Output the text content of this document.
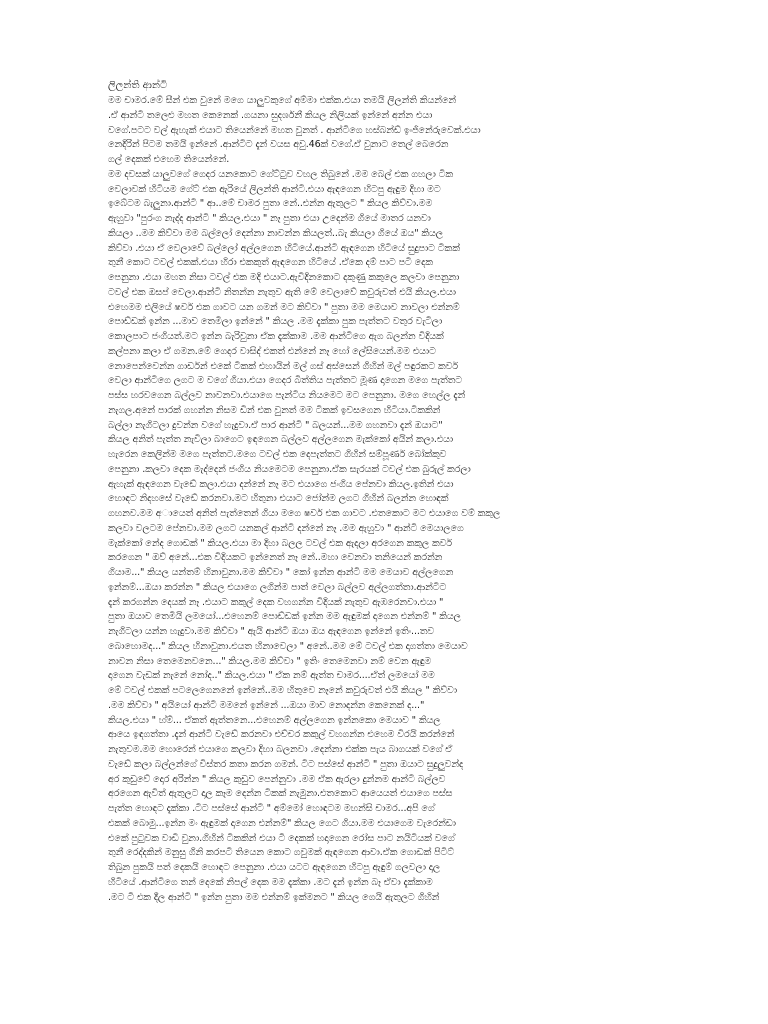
ලිලන්ති ආන්ටි
මම චාමර.මේ සීන් එක වුනේ මගෙ යාලුවකුගේ අම්මා එක්ක.එයා තමයි ලිලන්ති කියන්නේ
.ඒ ආන්ටි තලෙළු මහත කෙනෙක් .ගයනා සුදර්ශනී කියල නිලියක් ඉන්නේ අන්න එයා
වගේ.පටට වල් ඇහැක් එයාට තියෙන්නේ මහත වුනත් . ආන්ටිගෙ හස්බන්ඩ් ඉංජිනේරුවෙක්.එයා
නෙදිරින් පිටම තමයි ඉන්නේ .ආන්ටිට දැන් වයස අවු.46ක් වගේ.ඒ වුනාට තෙල් බෙරෙන
ගල් දෙකක් එහෙම තියෙන්නේ.
මම දවසක් යාලුවගේ ගෙදර යනකොට ගේට්ටුව වහල තිබුනේ .මම බෙල් එක ගහලා ටික
වෙලාවක් හිටියම ගේට් එක ඇරියේ ලිලන්ති ආන්ටි.එයා ඇඳගෙන හිටපු ඇඳුම දිහා මට
ඉබේටම බැලුනා.ආන්ටි " ආ..මේ චාමර පුතා නේ..එන්න ඇතුලට " කියල කිව්වා.මම
ඇහුවා "පුරංග නැද්ද ආන්ටි " කියල.එයා " නෑ පුතා එයා උදෙන්ම ගියේ මාතර යනවා
කියලා ..මම කිව්වා මම බල්ලෝ දෙන්නා නාවන්න කියලත්..බැ කියලා ගියේ ඔය" කියල
කිව්වා .එයා ඒ වෙලාවේ බල්ලෝ අල්ලගෙන හිටියේ.ආන්ටි ඇඳගෙන හිටියේ සුදුපාට ටීකක්
තුනී කොට ටවල් එකක්.එයා හිරා එකකුත් ඇඳගෙන හිටියේ .ඒකෙ දම් පාට පටි දෙක
පෙනුනා .එයා මහත නිසා ටවල් එක මදි එයාට.ඇවිදිනකොට දකුණු කකුලෙ කලවා පෙනුනා
ටවල් එක ඔසප් වෙලා.ආන්ටි නිතන්න නැතුව ඇති මේ වෙලාවේ කවුරුවත් එයි කියල.එයා
එහෙමම එලියේ ෂවර් එක ගාවට යන ගමන් මට කිව්වා " පුතා මම මෙයාව නාවලා එන්නම්
පොඩ්ඩක් ඉන්න ...මාව තෙමිලා ඉන්නේ " කියල .මම දැක්කා පුක පැත්තට වතුර වැටිලා
කොලපාට ජංගියත්.මට ඉන්න බැරිවුනා ඒක දැක්කාම .මම ආන්ටිගෙ ඇග බලන්න විදියක්
කල්පනා කලා ඒ ගමන.මේ ගෙදර වාසිද් එකත් එන්නේ නෑ හෝ ලේසියෙන්.මම එයාට
නොපෙන්වෙන්න ගාර්ඩන් එකේ ටිකක් එහායින් මල් ගස් අස්සෙන් ගිහින් මල් පඳුරකට කවර්
වෙලා ආන්ටිගෙ ලගට ම වගේ ගියා.එයා ගෙදර බිත්තිය පැත්තට මූණ දාගෙන මගෙ පැත්තට
පස්ස හරවගෙන බල්ලව නාවනවා.එයාගෙ පැන්ටිය නියමෙට මට පෙනුනා. මගෙ හෙල්ල දැන්
නැගල.අනේ පාරක් ගහන්න නිසම ඩින් එක වුනත් මම ටිකක් ඉවසගෙන හිටියා.ටිකකින්
බල්ලා නැගිටලා දුවන්න වගේ හැදුවා.ඒ පාර ආන්ටි " බලයන්...මම ගහනවා දැන් ඔයාට"
කියල අනිත් පැත්ත නැවිලා බාගෙට ඉඳගෙන බල්ලව අල්ලගෙන මැක්කෝ අයින් කලා.එයා
හැරෙන කෙලින්ම මගෙ පැත්තට.මගෙ ටවල් එක දෙපැත්තට ගිහින් සම්පූර්ණ බෝක්කුව
පෙනුනා .කලවා දෙක මැද්දෙන් ජංගිය නියමෙටම පෙනුනා.ඒක සැරයක් ටවල් එක බුරුල් කරලා
ඇහැක් ඇඳගෙන වැඩේ කලා.එයා දන්නේ නෑ මට එයාගෙ ජංගිය පේනවා කියල.ඉතින් එයා
හොඳට නිදහසේ වැඩේ කරනවා.මට හිතුනා එයාට ජෝන්ම ලගට ගිහින් බලන්න හොඳක්
ගහනව.මම අායෙත් අනිත් පැත්තෙන් ගියා මගෙ ෂවර් එක ගාවට .එතකොට මට එයාගෙ වම් කකුල
කලවා වලටම පේනවා.මම ලගට යනකල් ආන්ටි දන්නේ නෑ .මම ඇහුවා " ආන්ටි මෙයාලගෙ
මැක්කෝ නේද ගොඩක් " කියල.එයා මා දිහා බලල ටවල් එක ඇදලා අරගෙන කකුල කවර්
කරගෙන " ඔව් අනේ...එක විදියකට ඉන්නෙත් නෑ නේ..මහා වෙනවා තනියෙන් කරන්න
ගියාම..." කියල යන්තම් හිනාවුනා.මම කිව්වා " කෝ ඉන්න ආන්ටි මම මෙයාව අල්ලගෙන
ඉන්නම්...ඔයා කරන්න " කියල එයාගෙ ලගින්ම පාත් වෙලා බල්ලව අල්ලගත්තා.ආන්ටිට
දැන් කරගන්න දෙයක් නෑ .එයාට කකුල් දෙක වහගන්න විදියක් නැතුව ඇඹරෙනවා.එයා "
පුතා ඔයාව තෙමියි ලමයෝ...එහෙනම් පොඩ්ඩක් ඉන්න මම ඇඳුමක් දාගෙන එන්නම් " කියල
නැගිටලා යන්න හැදුවා.මම කිව්වා " ඇයි ආන්ටි ඔයා ඔය ඇඳගෙන ඉන්නේ ඉතිං...තව
බොහොමද..." කියල හිනාවුනා.එයත හිනාවෙලා " අනේ..මම මේ ටවල් එක දාගත්තා මෙයාව
නාවන නිසා තෙමෙනවනෙ..." කියල.මම කිව්වා " ඉතිං තෙමෙනවා නම් වෙන ඇඳුම
දාගෙන වැඩක් නැනේ නෝද.." කියල.එයා " ඒක නම් ඇත්ත චාමර....ඒත් ලමයෝ මම
මේ ටවල් එකක් පටලෙගෙනනේ ඉන්නේ..මම හිතුවෙ නෑනේ කවුරුවත් එයි කියල " කිව්වා
.මම කිව්වා " අයියෝ ආන්ටි මමනේ ඉන්නේ ...ඔයා මාව නොදන්න කෙනෙක් ද..."
කියල.එයා " හ්ම්... ඒකත් ඇත්තනෙ...එහෙනම් අල්ලගෙන ඉන්නකො මෙයාව " කියල
ආයෙ ඉඳගත්තා .දැන් ආන්ටි වැඩේ කරනවා එච්චර කකුල් වහගන්න එහෙම විරයි කරන්නේ
නැතුවම.මම හොරෙන් එයාගෙ කලවා දිහා බලනවා .දෙන්නා එක්ක පැය බාගයක් වගේ ඒ
වැඩේ කලා බල්ලන්ගේ විස්තර කතා කරන ගමන්. ටිට පස්සේ ආන්ටි " පුතා ඔයාට සුදුලුවන්ද
අර කුඩුවේ දොර අරින්න " කියල කුඩුව පෙන්නුවා .මම ඒක ඇරලා දුන්නම ආන්ටි බල්ලව
අරගෙන ඇවිත් ඇතුලට දාල කෑම දෙන්න ටිකක් නැමුනා.එතකොට ආයෙයත් එයාගෙ පස්ස
පැත්ත හොඳට දැක්කා .ටිට පස්සේ ආන්ටි " අම්මෝ හොඳටම මහන්සි චාමර...අපි ගේ
එකක් බොමු...ඉන්න මං ඇඳුමක් දාගෙන එන්නම්" කියල ගෙට ගියා.මම එයාගෙම වැරෙන්ඩා
එකේ පුටුවක වාඩි වුනා.ගිහින් ටිකකින් එයා ටී දෙකක් හදාගෙන රෝස පාට නයිටියක් වගේ
තුනී රෙද්දකින් මනුසු ගිනි කරපටි තියෙන කොට ගවුමක් ඇඳගෙන ආවා.ඒක ගොඩක් පිටිට්
තිබුන පුකයි පත් දෙකයි හොඳට පෙනුනා .එයා යටට ඇඳගෙන හිටපු ඇඳුම් ගලවලා දාල
හිටියේ .ආන්ටිගෙ තන් දෙකේ නිපල් දෙක මම දැක්කා .මට දැන් ඉන්න බෑ ඒවා දැක්කාම
.මට ටී එක දීල ආන්ටි " ඉන්න පුතා මම එන්නම් ඉක්මනට " කියල ගෙයි ඇතුලට ගිහින්
